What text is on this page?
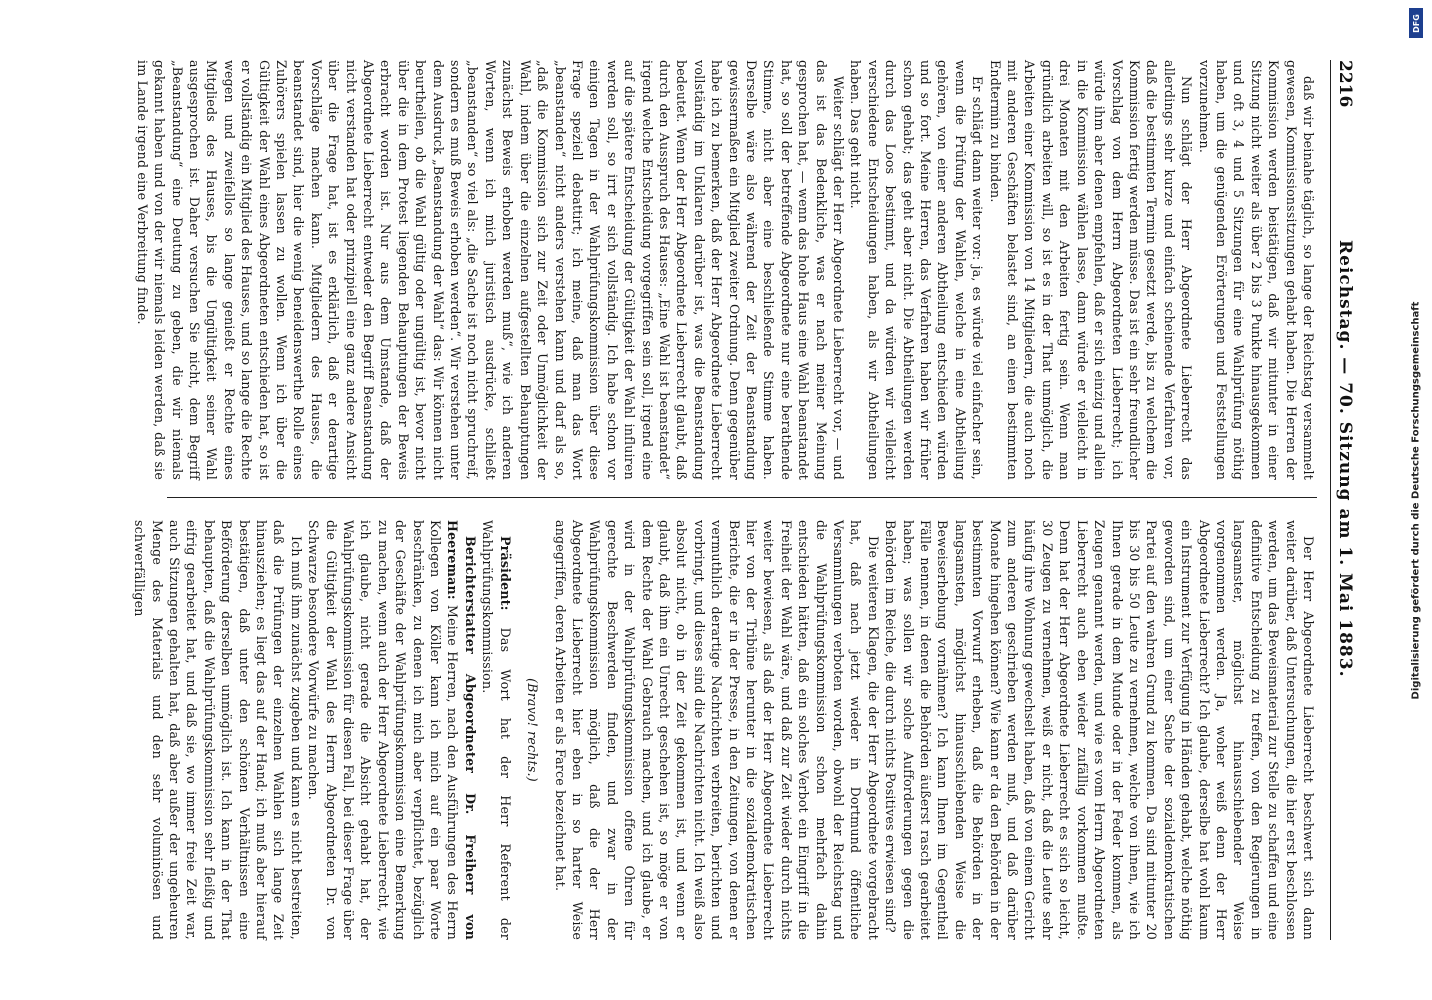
2216
Reichstag. — 70. Sitzung am 1. Mai 1883.

daß wir beinahe täglich, so lange der Reichstag versammelt gewesen, Kommissionssitzungen gehabt haben. Die Herren der Kommission werden beistätigen, daß wir mitunter in einer Sitzung nicht weiter als über 2 bis 3 Punkte hinausgekommen und oft 3, 4 und 5 Sitzungen für eine Wahlprüfung nöthig haben, um die genügenden Erörterungen und Feststellungen vorzunehmen.

Nun schlägt der Herr Abgeordnete Lieberrecht das allerdings sehr kurze und einfach scheinende Verfahren vor, daß die bestimmten Termin gesetzt werde, bis zu welchem die Kommission fertig werden müsse. Das ist ein sehr freundlicher Vorschlag von dem Herrn Abgeordneten Lieberrecht; ich würde ihm aber denen empfehlen, daß er sich einzig und allein in die Kommission wählen lasse, dann würde er vielleicht in drei Monaten mit den Arbeiten fertig sein. Wenn man gründlich arbeiten will, so ist es in der That unmöglich, die Arbeiten einer Kommission von 14 Mitgliedern, die auch noch mit anderen Geschäften belastet sind, an einen bestimmten Endtermin zu binden.

Er schlägt dann weiter vor: ja, es würde viel einfacher sein, wenn die Prüfung der Wahlen, welche in eine Abtheilung gehören, von einer anderen Abtheilung entschieden würden und so fort. Meine Herren, das Verfahren haben wir früher schon gehabt; das geht aber nicht. Die Abtheilungen werden durch das Loos bestimmt, und da würden wir vielleicht verschiedene Entscheidungen haben, als wir Abtheilungen haben. Das geht nicht.

Weiter schlägt der Herr Abgeordnete Lieberrecht vor, — und das ist das Bedenkliche, was er nach meiner Meinung gesprochen hat, — wenn das hohe Haus eine Wahl beanstandet hat, so soll der betreffende Abgeordnete nur eine berathende Stimme, nicht aber eine beschließende Stimme haben. Derselbe wäre also während der Zeit der Beanstandung gewissermaßen ein Mitglied zweiter Ordnung. Denn gegenüber habe ich zu bemerken, daß der Herr Abgeordnete Lieberrecht vollständig im Unklaren darüber ist, was die Beanstandung bedeutet. Wenn der Herr Abgeordnete Lieberrecht glaubt, daß durch den Ausspruch des Hauses: „Eine Wahl ist beanstandet“ irgend welche Entscheidung vorgegriffen sein soll, irgend eine auf die spätere Entscheidung der Gültigkeit der Wahl influiren werden soll, so irrt er sich vollständig. Ich habe schon vor einigen Tagen in der Wahlprüfungskommission über diese Frage speziell debattirt; ich meine, daß man das Wort „beanstanden“ nicht anders verstehen kann und darf als so, „daß die Kommission sich zur Zeit oder Unmöglichkeit der Wahl, indem über die einzelnen aufgestellten Behauptungen zunächst Beweis erhoben werden muß“, wie ich anderen Worten, wenn ich mich juristisch ausdrücke, schließt „beanstanden“ so viel als: „die Sache ist noch nicht spruchreif, sondern es muß Beweis erhoben werden“. Wir verstehen unter dem Ausdruck „Beanstandung der Wahl“ das: Wir können nicht beurtheilen, ob die Wahl gültig oder ungültig ist, bevor nicht über die in dem Protest liegenden Behauptungen der Beweis erbracht worden ist. Nur aus dem Umstande, daß der Abgeordnete Lieberrecht entweder den Begriff Beanstandung nicht verstanden hat oder prinzipiell eine ganz andere Ansicht über die Frage hat, ist es erklärlich, daß er derartige Vorschläge machen kann. Mitgliedern des Hauses, die beanstandet sind, hier die wenig beneidenswerthe Rolle eines Zuhörers spielen lassen zu wollen. Wenn ich über die Gültigkeit der Wahl eines Abgeordneten entschieden hat, so ist er vollständig ein Mitglied des Hauses, und so lange die Rechte wegen und zweifellos so lange genießt er Rechte eines Mitglieds des Hauses, bis die Ungültigkeit seiner Wahl ausgesprochen ist. Daher versuchen Sie nicht, dem Begriff „Beanstandung“ eine Deutung zu geben, die wir niemals gekannt haben und von der wir niemals leiden werden, daß sie im Lande irgend eine Verbreitung finde.

Der Herr Abgeordnete Lieberrecht beschwert sich dann weiter darüber, daß Untersuchungen, die hier erst beschlossen werden, um das Beweismaterial zur Stelle zu schaffen und eine definitive Entscheidung zu treffen, von den Regierungen in langsamster, möglichst hinausschiebender Weise vorgenommen werden. Ja, woher weiß denn der Herr Abgeordnete Lieberrecht? Ich glaube, derselbe hat wohl kaum ein Instrument zur Verfügung in Händen gehabt, welche nöthig geworden sind, um einer Sache der sozialdemokratischen Partei auf den wahren Grund zu kommen. Da sind mitunter 20 bis 30 bis 50 Leute zu vernehmen, welche von ihnen, wie ich Ihnen gerade in dem Munde oder in der Feder kommen, als Zeugen genannt werden, und wie es vom Herrn Abgeordneten Lieberrecht auch eben wieder zufällig vorkommen mußte. Denn hat der Herr Abgeordnete Lieberrecht es sich so leicht, 30 Zeugen zu vernehmen, weiß er nicht, daß die Leute sehr häufig ihre Wohnung gewechselt haben, daß von einem Gericht zum anderen geschrieben werden muß, und daß darüber Monate hingehen können? Wie kann er da den Behörden in der bestimmten Vorwurf erheben, daß die Behörden in der langsamsten, möglichst hinausschiebenden Weise die Beweiserhebung vornähmen? Ich kann Ihnen im Gegentheil Fälle nennen, in denen die Behörden äußerst rasch gearbeitet haben; was sollen wir solche Aufforderungen gegen die Behörden im Reiche, die durch nichts Positives erwiesen sind?

Die weiteren Klagen, die der Herr Abgeordnete vorgebracht hat, daß nach jetzt wieder in Dortmund öffentliche Versammlungen verboten worden, obwohl der Reichstag und die Wahlprüfungskommission schon mehrfach dahin entschieden hätten, daß ein solches Verbot ein Eingriff in die Freiheit der Wahl wäre, und daß zur Zeit wieder durch nichts weiter bewiesen, als daß der Herr Abgeordnete Lieberrecht hier von der Tribüne herunter in die sozialdemokratischen Berichte, die er in der Presse, in den Zeitungen, von denen er vermuthlich derartige Nachrichten verbreiten, berichten und vorbringt, und dieses sind die Nachrichten nicht. Ich weiß also absolut nicht, ob in der Zeit gekommen ist, und wenn er glaubt, daß ihm ein Unrecht geschehen ist, so möge er von dem Rechte der Wahl Gebrauch machen, und ich glaube, er wird in der Wahlprüfungskommission offene Ohren für gerechte Beschwerden finden, und zwar in der Wahlprüfungskommission möglich, daß die der Herr Abgeordnete Lieberrecht hier eben in so harter Weise angegriffen, deren Arbeiten er als Farce bezeichnet hat.

(Bravo! rechts.)

Präsident: Das Wort hat der Herr Referent der Wahlprüfungskommission.

Berichterstatter Abgeordneter Dr. Freiherr von Heereman: Meine Herren, nach den Ausführungen des Herrn Kollegen von Köller kann ich mich auf ein paar Worte beschränken, zu denen ich mich aber verpflichtet, bezüglich der Geschäfte der Wahlprüfungskommission eine Bemerkung zu machen, wenn auch der Herr Abgeordnete Lieberrecht, wie ich glaube, nicht gerade die Absicht gehabt hat, der Wahlprüfungskommission für diesen Fall, bei dieser Frage über die Gültigkeit der Wahl des Herrn Abgeordneten Dr. von Schwarze besondere Vorwürfe zu machen.

Ich muß ihm zunächst zugeben und kann es nicht bestreiten, daß die Prüfungen der einzelnen Wahlen sich lange Zeit hinausziehen; es liegt das auf der Hand; ich muß aber hierauf bestätigen, daß unter den schönen Verhältnissen eine Beförderung derselben unmöglich ist. Ich kann in der That behaupten, daß die Wahlprüfungskommission sehr fleißig und eifrig gearbeitet hat, und daß sie, wo immer freie Zeit war, auch Sitzungen gehalten hat, daß aber außer der ungeheuren Menge des Materials und den sehr voluminösen und schwerfälligen

DFG
Digitalisierung gefördert durch die Deutsche Forschungsgemeinschaft
